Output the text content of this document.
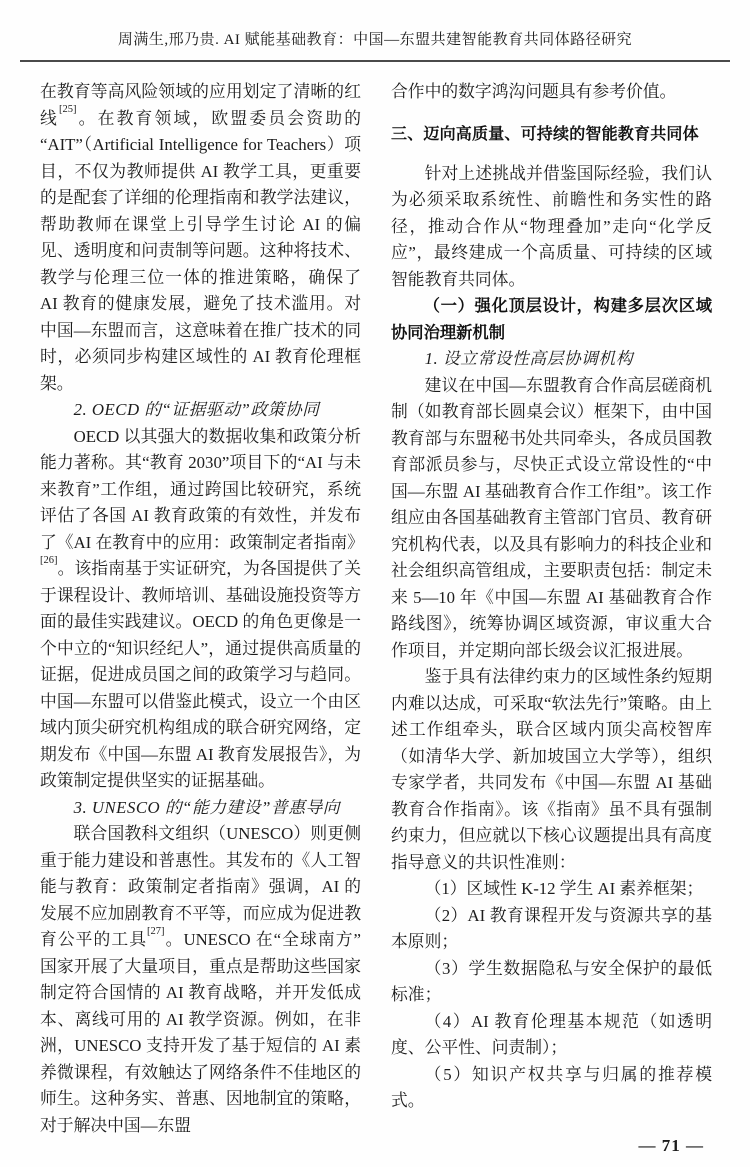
周满生,邢乃贵. AI 赋能基础教育：中国—东盟共建智能教育共同体路径研究

在教育等高风险领域的应用划定了清晰的红线[25]。在教育领域，欧盟委员会资助的“AIT”（Artificial Intelligence for Teachers）项目，不仅为教师提供 AI 教学工具，更重要的是配套了详细的伦理指南和教学法建议，帮助教师在课堂上引导学生讨论 AI 的偏见、透明度和问责制等问题。这种将技术、教学与伦理三位一体的推进策略，确保了 AI 教育的健康发展，避免了技术滥用。对中国—东盟而言，这意味着在推广技术的同时，必须同步构建区域性的 AI 教育伦理框架。

2. OECD 的“证据驱动”政策协同

OECD 以其强大的数据收集和政策分析能力著称。其“教育 2030”项目下的“AI 与未来教育”工作组，通过跨国比较研究，系统评估了各国 AI 教育政策的有效性，并发布了《AI 在教育中的应用：政策制定者指南》[26]。该指南基于实证研究，为各国提供了关于课程设计、教师培训、基础设施投资等方面的最佳实践建议。OECD 的角色更像是一个中立的“知识经纪人”，通过提供高质量的证据，促进成员国之间的政策学习与趋同。中国—东盟可以借鉴此模式，设立一个由区域内顶尖研究机构组成的联合研究网络，定期发布《中国—东盟 AI 教育发展报告》，为政策制定提供坚实的证据基础。

3. UNESCO 的“能力建设”普惠导向

联合国教科文组织（UNESCO）则更侧重于能力建设和普惠性。其发布的《人工智能与教育：政策制定者指南》强调，AI 的发展不应加剧教育不平等，而应成为促进教育公平的工具[27]。UNESCO 在“全球南方”国家开展了大量项目，重点是帮助这些国家制定符合国情的 AI 教育战略，并开发低成本、离线可用的 AI 教学资源。例如，在非洲，UNESCO 支持开发了基于短信的 AI 素养微课程，有效触达了网络条件不佳地区的师生。这种务实、普惠、因地制宜的策略，对于解决中国—东盟

合作中的数字鸿沟问题具有参考价值。

三、迈向高质量、可持续的智能教育共同体

针对上述挑战并借鉴国际经验，我们认为必须采取系统性、前瞻性和务实性的路径，推动合作从“物理叠加”走向“化学反应”，最终建成一个高质量、可持续的区域智能教育共同体。

（一）强化顶层设计，构建多层次区域协同治理新机制

1. 设立常设性高层协调机构

建议在中国—东盟教育合作高层磋商机制（如教育部长圆桌会议）框架下，由中国教育部与东盟秘书处共同牵头，各成员国教育部派员参与，尽快正式设立常设性的“中国—东盟 AI 基础教育合作工作组”。该工作组应由各国基础教育主管部门官员、教育研究机构代表，以及具有影响力的科技企业和社会组织高管组成，主要职责包括：制定未来 5—10 年《中国—东盟 AI 基础教育合作路线图》，统筹协调区域资源，审议重大合作项目，并定期向部长级会议汇报进展。

鉴于具有法律约束力的区域性条约短期内难以达成，可采取“软法先行”策略。由上述工作组牵头，联合区域内顶尖高校智库（如清华大学、新加坡国立大学等），组织专家学者，共同发布《中国—东盟 AI 基础教育合作指南》。该《指南》虽不具有强制约束力，但应就以下核心议题提出具有高度指导意义的共识性准则：

（1）区域性 K-12 学生 AI 素养框架；

（2）AI 教育课程开发与资源共享的基本原则；

（3）学生数据隐私与安全保护的最低标准；

（4）AI 教育伦理基本规范（如透明度、公平性、问责制）；

（5）知识产权共享与归属的推荐模式。

— 71 —
